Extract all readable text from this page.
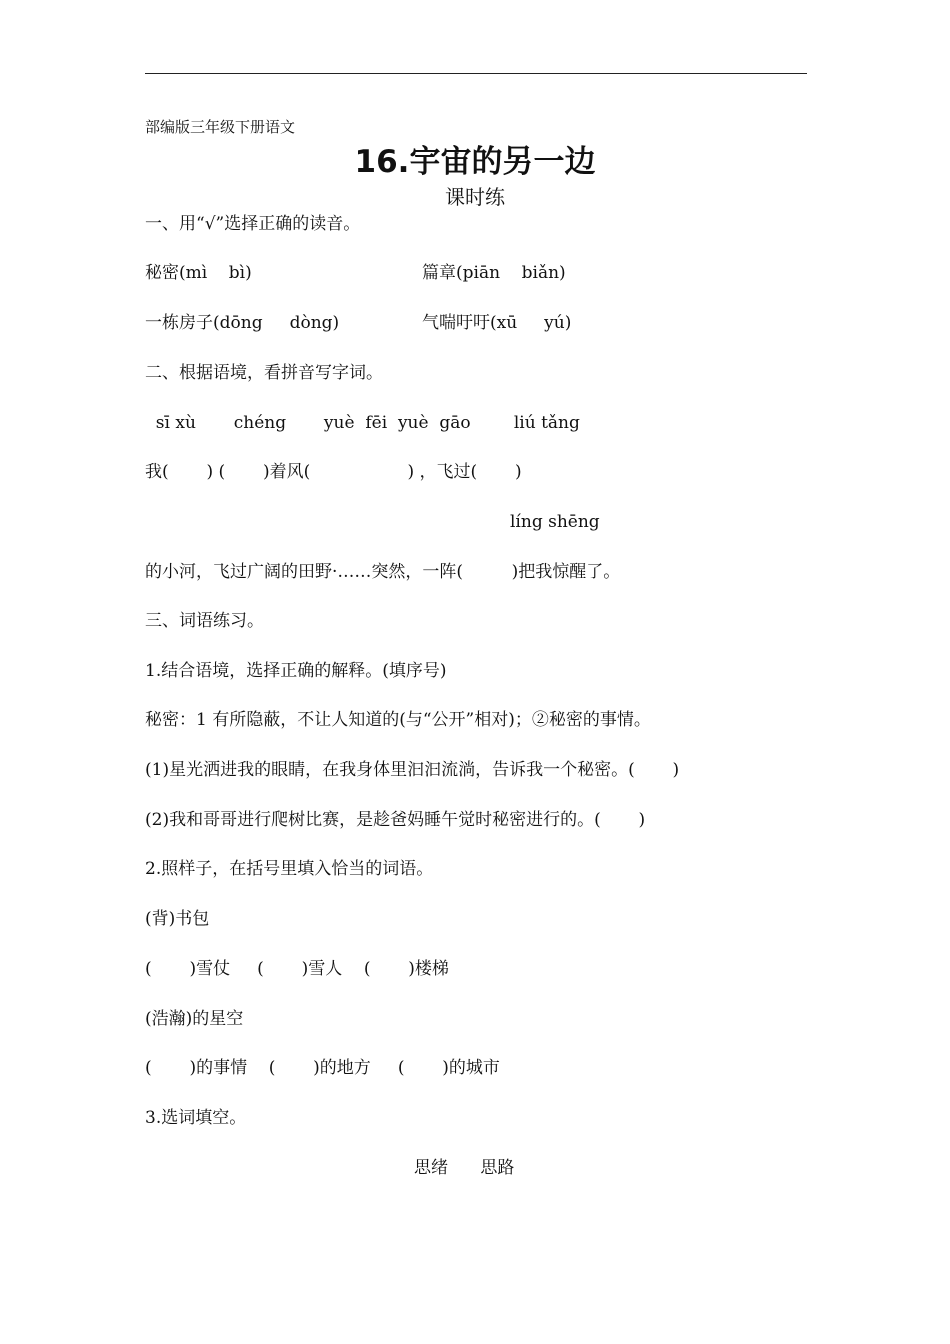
部编版三年级下册语文
16.宇宙的另一边
课时练
一、用“√”选择正确的读音。
秘密(mì    bì)	篇章(piān    biǎn)
一栋房子(dōng     dòng)	气喘吁吁(xū     yú)
二、根据语境，看拼音写字词。
sī xù       chéng       yuè  fēi  yuè  gāo        liú tǎng
我(       ) (       )着风(                  ) ，飞过(       )
líng shēng
的小河，飞过广阔的田野·……突然，一阵(         )把我惊醒了。
三、词语练习。
1.结合语境，选择正确的解释。(填序号)
秘密：1 有所隐蔽，不让人知道的(与“公开”相对)；②秘密的事情。
(1)星光洒进我的眼睛，在我身体里汩汩流淌，告诉我一个秘密。(       )
(2)我和哥哥进行爬树比赛，是趁爸妈睡午觉时秘密进行的。(       )
2.照样子，在括号里填入恰当的词语。
(背)书包
(       )雪仗     (       )雪人    (       )楼梯
(浩瀚)的星空
(       )的事情    (       )的地方     (       )的城市
3.选词填空。
思绪      思路
